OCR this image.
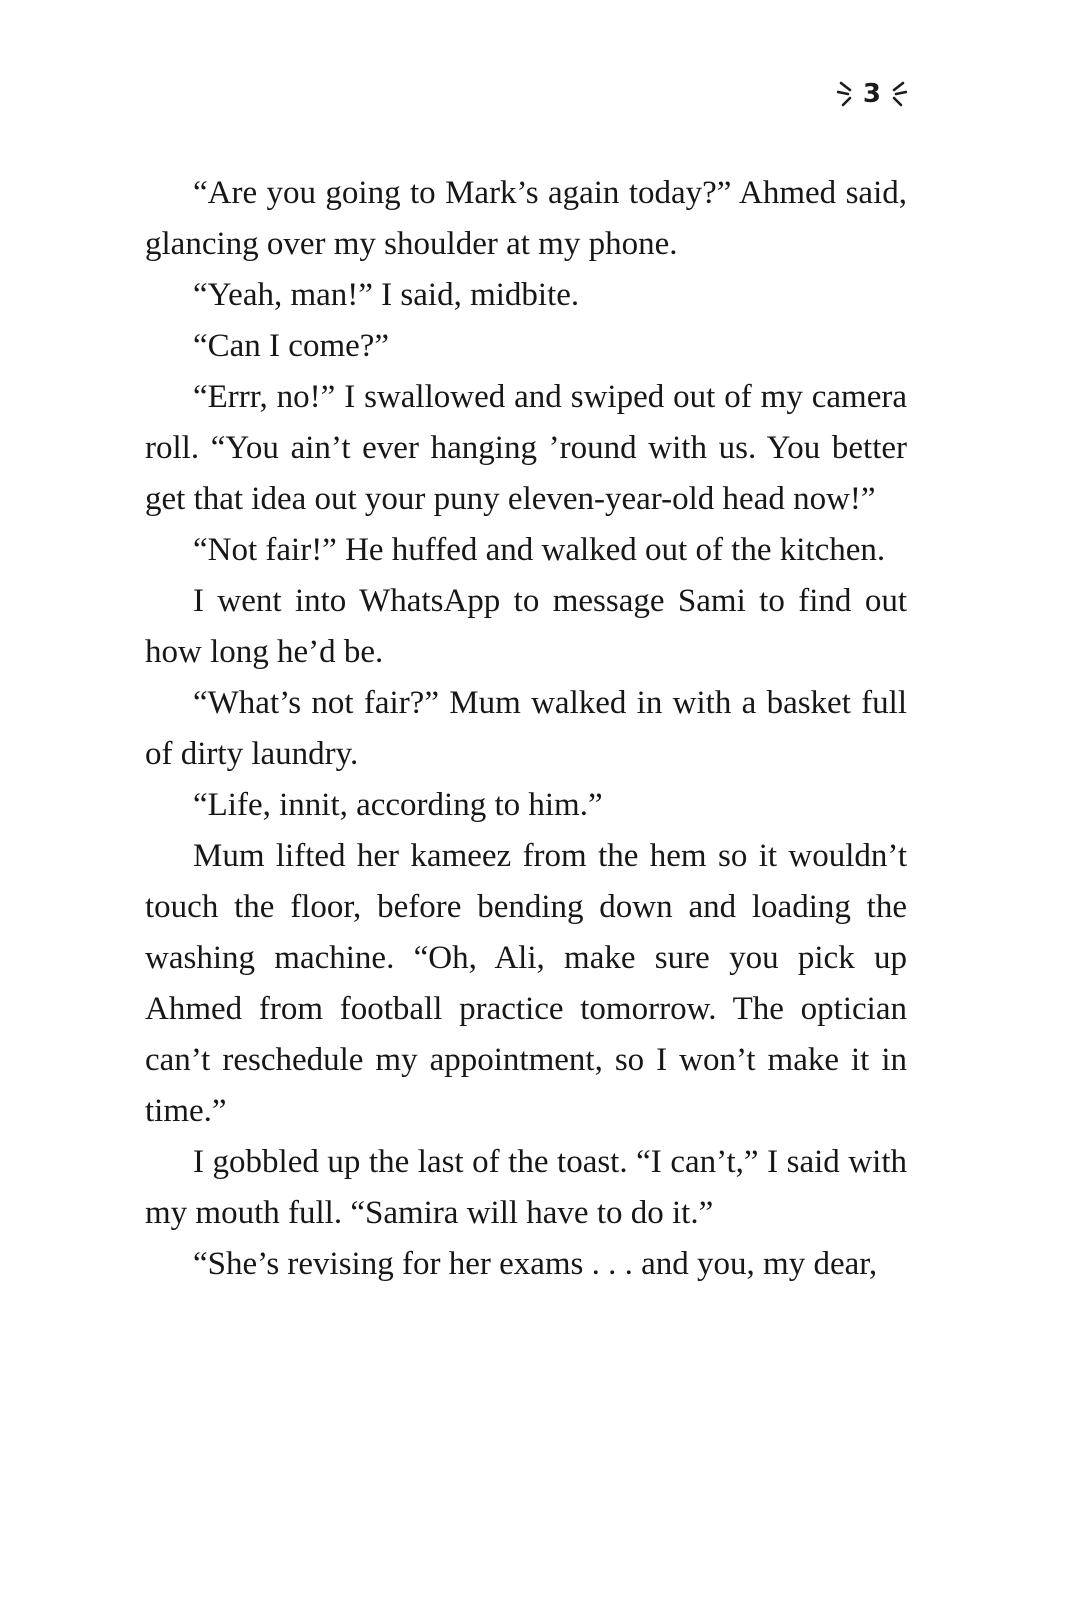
3

“Are you going to Mark’s again today?” Ahmed said, glancing over my shoulder at my phone.

“Yeah, man!” I said, midbite.

“Can I come?”

“Errr, no!” I swallowed and swiped out of my camera roll. “You ain’t ever hanging ’round with us. You better get that idea out your puny eleven-year-old head now!”

“Not fair!” He huffed and walked out of the kitchen.

I went into WhatsApp to message Sami to find out how long he’d be.

“What’s not fair?” Mum walked in with a basket full of dirty laundry.

“Life, innit, according to him.”

Mum lifted her kameez from the hem so it wouldn’t touch the floor, before bending down and loading the washing machine. “Oh, Ali, make sure you pick up Ahmed from football practice tomorrow. The optician can’t reschedule my appointment, so I won’t make it in time.”

I gobbled up the last of the toast. “I can’t,” I said with my mouth full. “Samira will have to do it.”

“She’s revising for her exams . . . and you, my dear,
